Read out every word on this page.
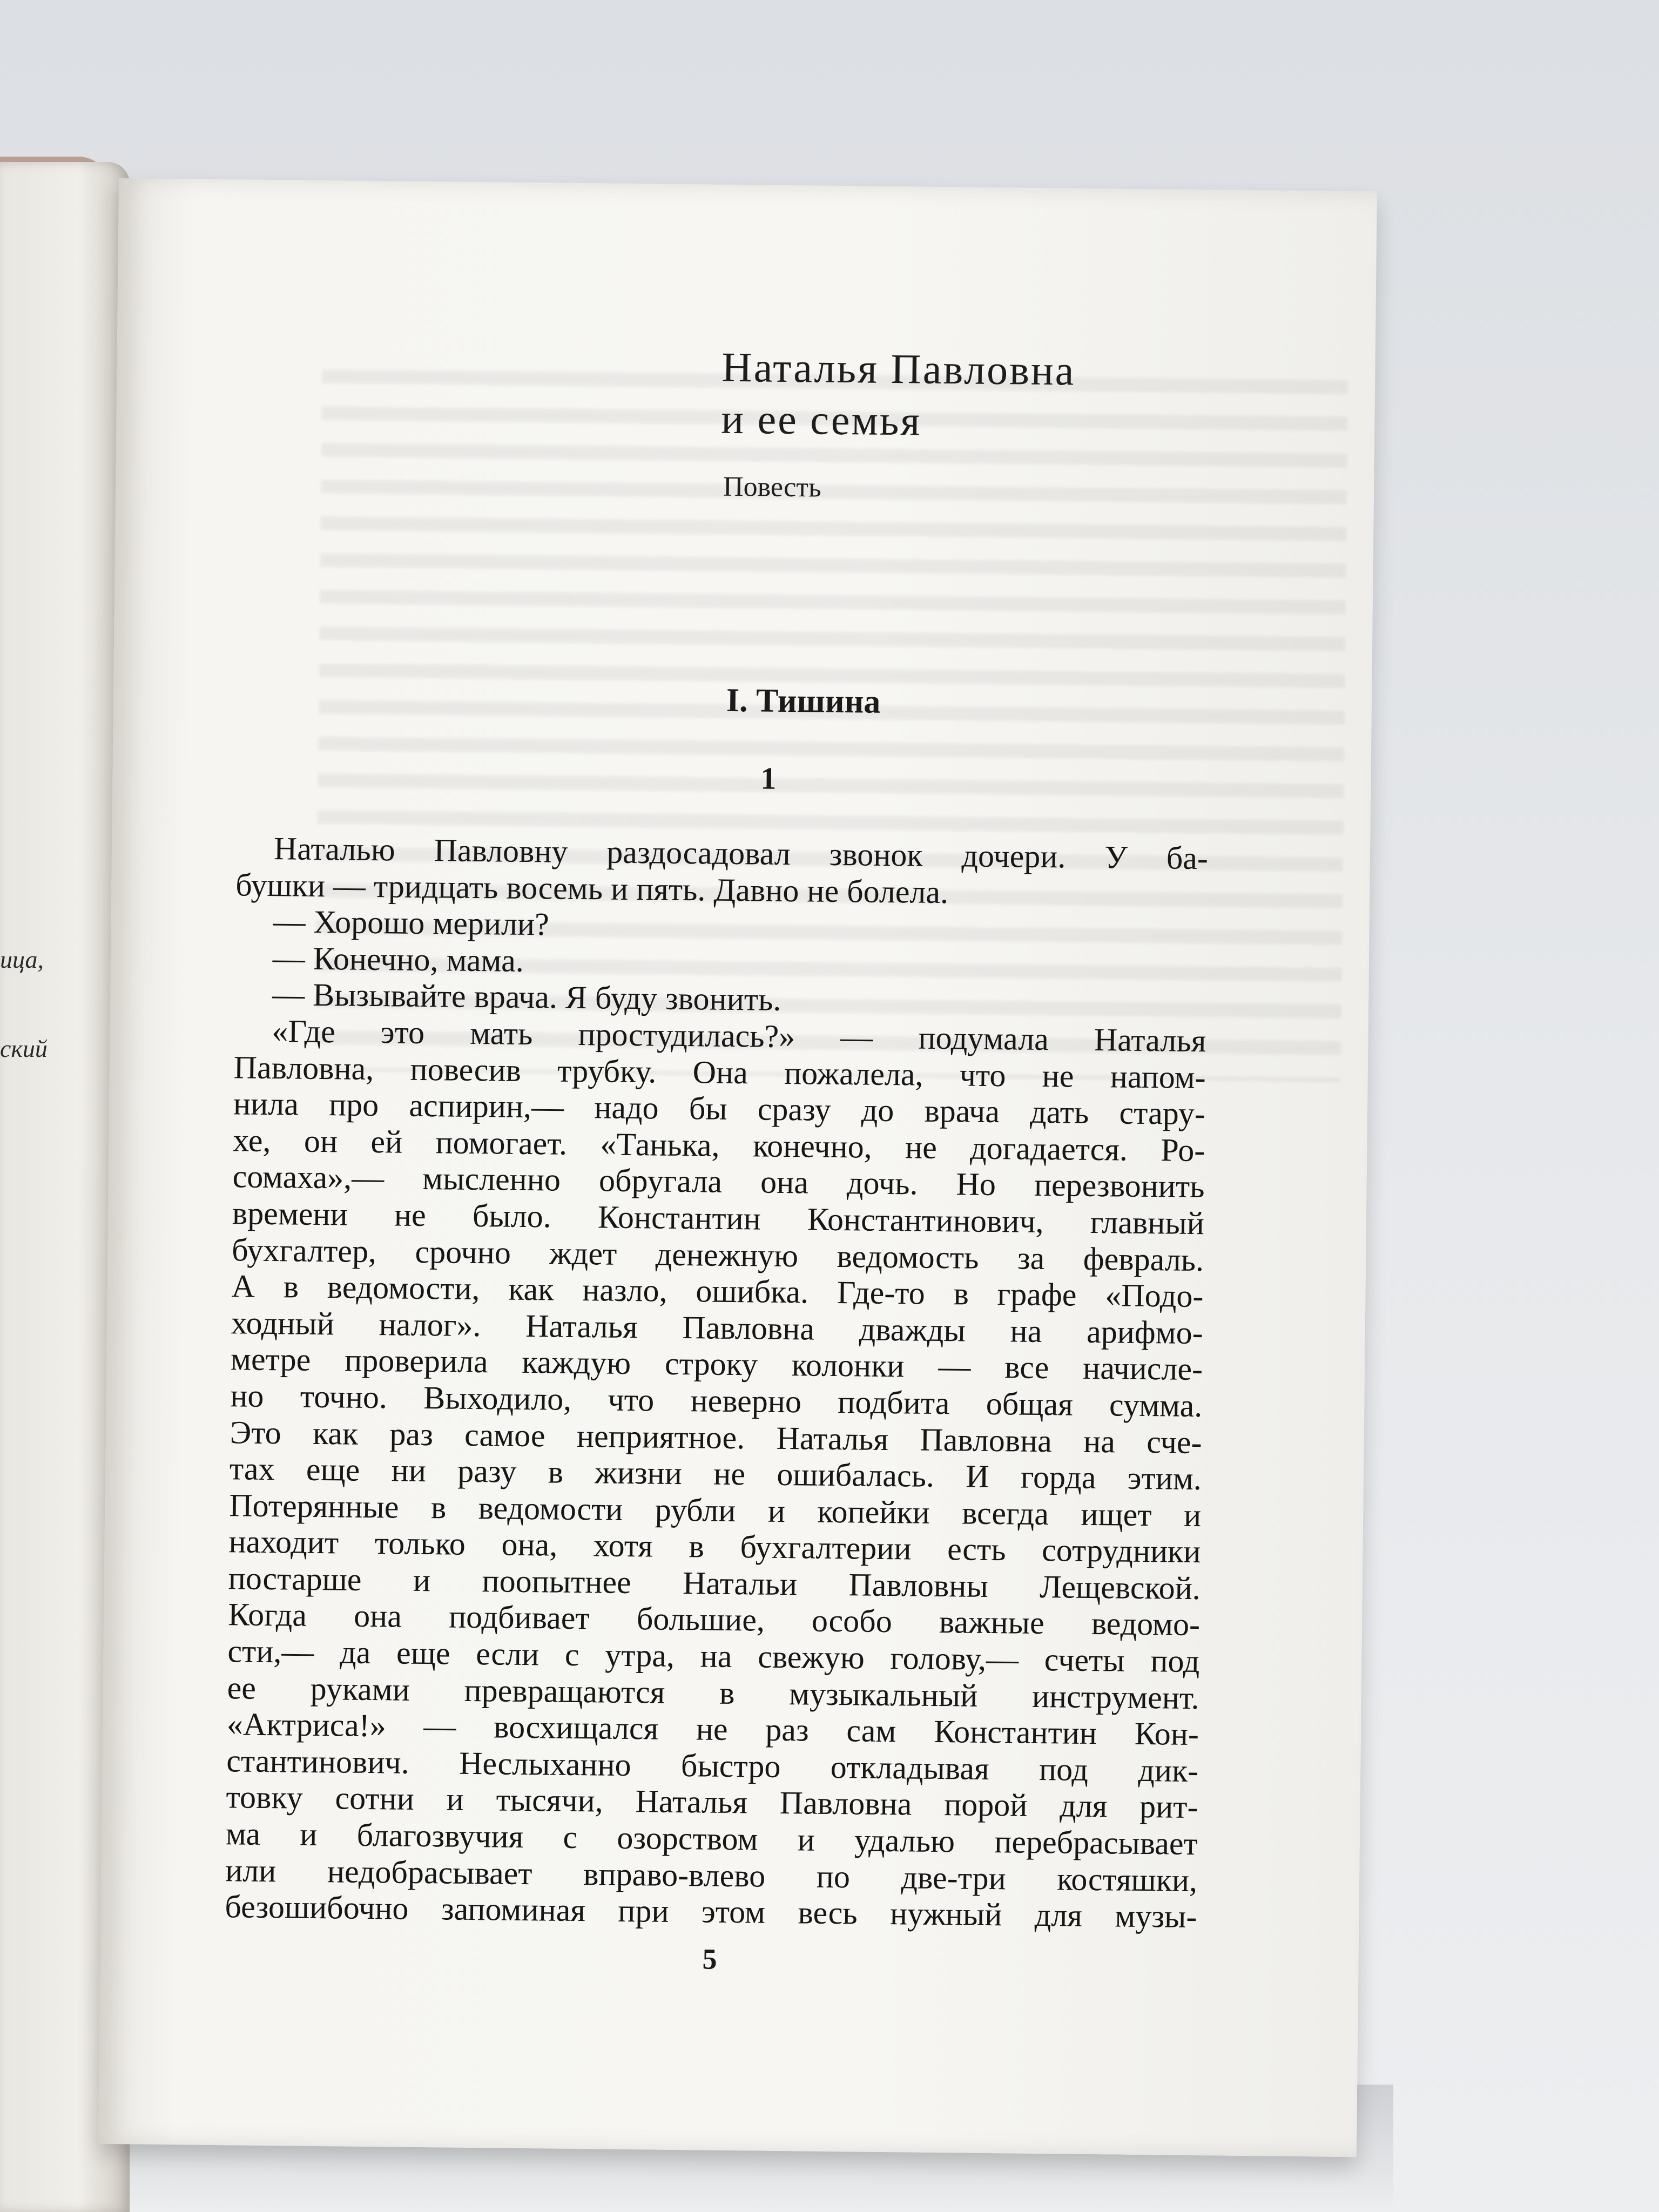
ица,
ский
Наталья Павловна
и ее семья
Повесть
I. Тишина
1
Наталью Павловну раздосадовал звонок дочери. У ба-
бушки — тридцать восемь и пять. Давно не болела.
— Хорошо мерили?
— Конечно, мама.
— Вызывайте врача. Я буду звонить.
«Где это мать простудилась?» — подумала Наталья
Павловна, повесив трубку. Она пожалела, что не напом-
нила про аспирин,— надо бы сразу до врача дать стару-
хе, он ей помогает. «Танька, конечно, не догадается. Ро-
сомаха»,— мысленно обругала она дочь. Но перезвонить
времени не было. Константин Константинович, главный
бухгалтер, срочно ждет денежную ведомость за февраль.
А в ведомости, как назло, ошибка. Где-то в графе «Подо-
ходный налог». Наталья Павловна дважды на арифмо-
метре проверила каждую строку колонки — все начисле-
но точно. Выходило, что неверно подбита общая сумма.
Это как раз самое неприятное. Наталья Павловна на сче-
тах еще ни разу в жизни не ошибалась. И горда этим.
Потерянные в ведомости рубли и копейки всегда ищет и
находит только она, хотя в бухгалтерии есть сотрудники
постарше и поопытнее Натальи Павловны Лещевской.
Когда она подбивает большие, особо важные ведомо-
сти,— да еще если с утра, на свежую голову,— счеты под
ее руками превращаются в музыкальный инструмент.
«Актриса!» — восхищался не раз сам Константин Кон-
стантинович. Неслыханно быстро откладывая под дик-
товку сотни и тысячи, Наталья Павловна порой для рит-
ма и благозвучия с озорством и удалью перебрасывает
или недобрасывает вправо-влево по две-три костяшки,
безошибочно запоминая при этом весь нужный для музы-
5
